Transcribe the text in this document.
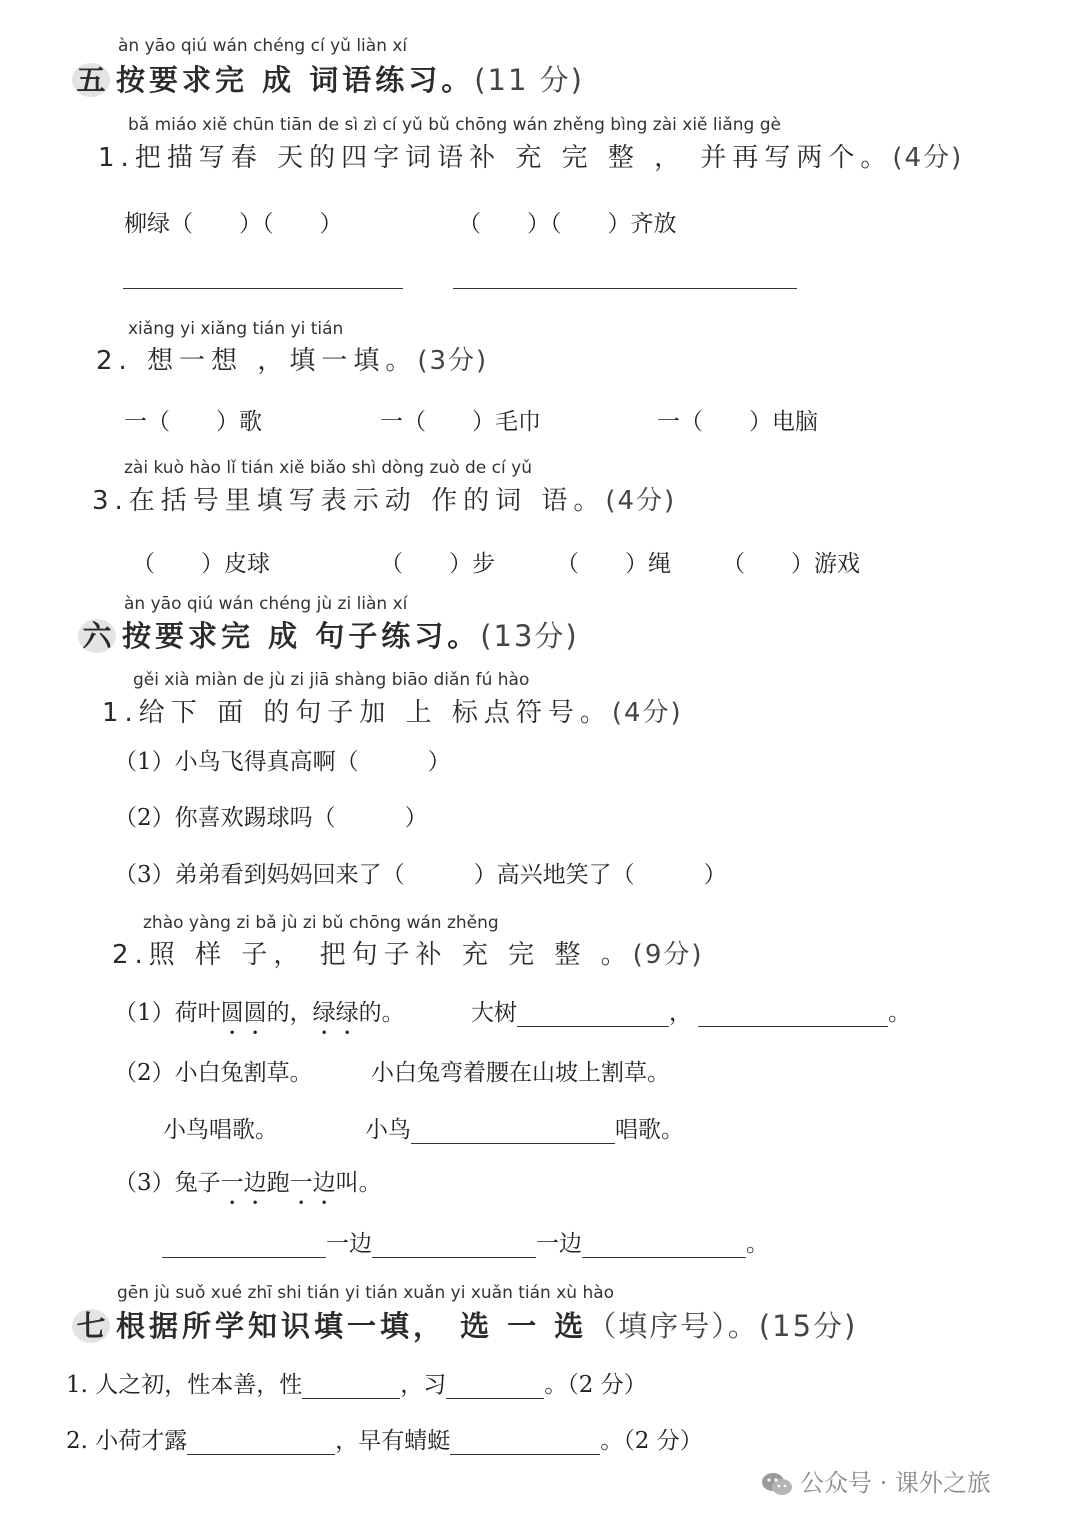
àn yāo qiú wán chéng cí yǔ liàn xí
五 按要求完 成 词语练习。(11 分)
bǎ miáo xiě chūn tiān de sì zì cí yǔ bǔ chōng wán zhěng bìng zài xiě liǎng gè
1.把描写春 天的四字词语补 充 完 整 ， 并再写两个。(4分)
柳绿（　　）（　　）	（　　）（　　）齐放
xiǎng yi xiǎng tián yi tián
2. 想一想 ，填一填。(3分)
一（　　）歌	一（　　）毛巾	一（　　）电脑
zài kuò hào lǐ tián xiě biǎo shì dòng zuò de cí yǔ
3.在括号里填写表示动 作的词 语。(4分)
（　　）皮球	（　　）步	（　　）绳 （　　）游戏
àn yāo qiú wán chéng jù zi liàn xí
六 按要求完 成 句子练习。(13分)
gěi xià miàn de jù zi jiā shàng biāo diǎn fú hào
1.给下 面 的句子加 上 标点符号。(4分)
（1）小鸟飞得真高啊（　　　）
（2）你喜欢踢球吗（　　　）
（3）弟弟看到妈妈回来了（　　　）高兴地笑了（　　　）
zhào yàng zi bǎ jù zi bǔ chōng wán zhěng
2.照 样 子， 把句子补 充 完 整 。(9分)
（1）荷叶圆圆的，绿绿的。	大树	，	。
（2）小白兔割草。	小白兔弯着腰在山坡上割草。
小鸟唱歌。	小鸟	唱歌。
（3）兔子一边跑一边叫。
一边	一边	。
gēn jù suǒ xué zhī shi tián yi tián xuǎn yi xuǎn tián xù hào
七 根据所学知识填一填， 选 一 选（填序号）。(15分)
1. 人之初，性本善，性	，习	。（2 分）
2. 小荷才露	，早有蜻蜓	。（2 分）
公众号 · 课外之旅
